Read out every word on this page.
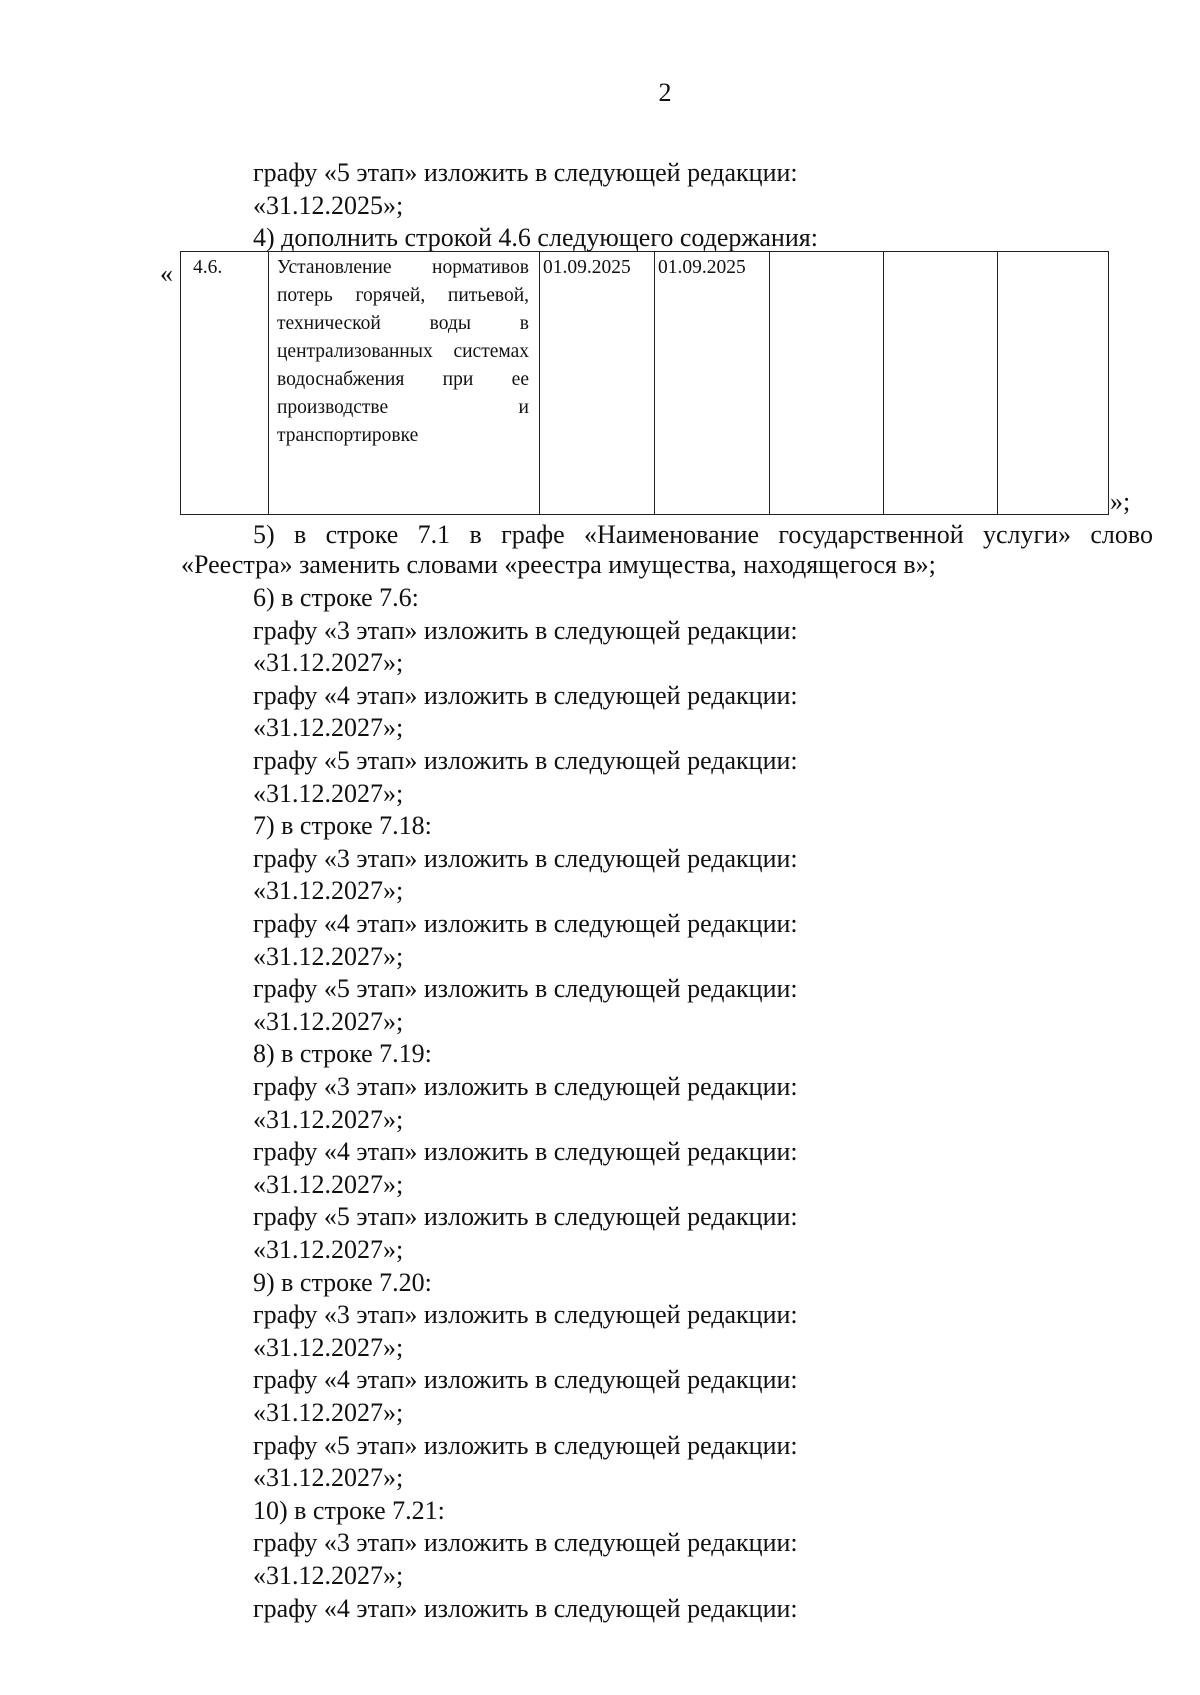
2
графу «5 этап» изложить в следующей редакции:
«31.12.2025»;
4) дополнить строкой 4.6 следующего содержания:
« 4.6.	Установление нормативов потерь горячей, питьевой, технической воды в централизованных системах водоснабжения при ее производстве и транспортировке	01.09.2025	01.09.2025			
»;
5) в строке 7.1 в графе «Наименование государственной услуги» слово «Реестра» заменить словами «реестра имущества, находящегося в»;
6) в строке 7.6:
графу «3 этап» изложить в следующей редакции:
«31.12.2027»;
графу «4 этап» изложить в следующей редакции:
«31.12.2027»;
графу «5 этап» изложить в следующей редакции:
«31.12.2027»;
7) в строке 7.18:
графу «3 этап» изложить в следующей редакции:
«31.12.2027»;
графу «4 этап» изложить в следующей редакции:
«31.12.2027»;
графу «5 этап» изложить в следующей редакции:
«31.12.2027»;
8) в строке 7.19:
графу «3 этап» изложить в следующей редакции:
«31.12.2027»;
графу «4 этап» изложить в следующей редакции:
«31.12.2027»;
графу «5 этап» изложить в следующей редакции:
«31.12.2027»;
9) в строке 7.20:
графу «3 этап» изложить в следующей редакции:
«31.12.2027»;
графу «4 этап» изложить в следующей редакции:
«31.12.2027»;
графу «5 этап» изложить в следующей редакции:
«31.12.2027»;
10) в строке 7.21:
графу «3 этап» изложить в следующей редакции:
«31.12.2027»;
графу «4 этап» изложить в следующей редакции:
